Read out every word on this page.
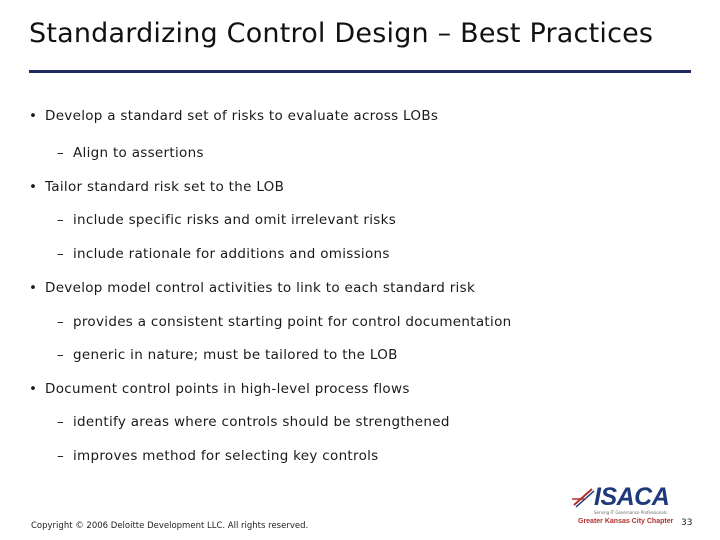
Standardizing Control Design – Best Practices
• Develop a standard set of risks to evaluate across LOBs
– Align to assertions
• Tailor standard risk set to the LOB
– include specific risks and omit irrelevant risks
– include rationale for additions and omissions
• Develop model control activities to link to each standard risk
– provides a consistent starting point for control documentation
– generic in nature; must be tailored to the LOB
• Document control points in high-level process flows
– identify areas where controls should be strengthened
– improves method for selecting key controls
Copyright © 2006 Deloitte Development LLC. All rights reserved.
ISACA
Serving IT Governance Professionals
Greater Kansas City Chapter 33
